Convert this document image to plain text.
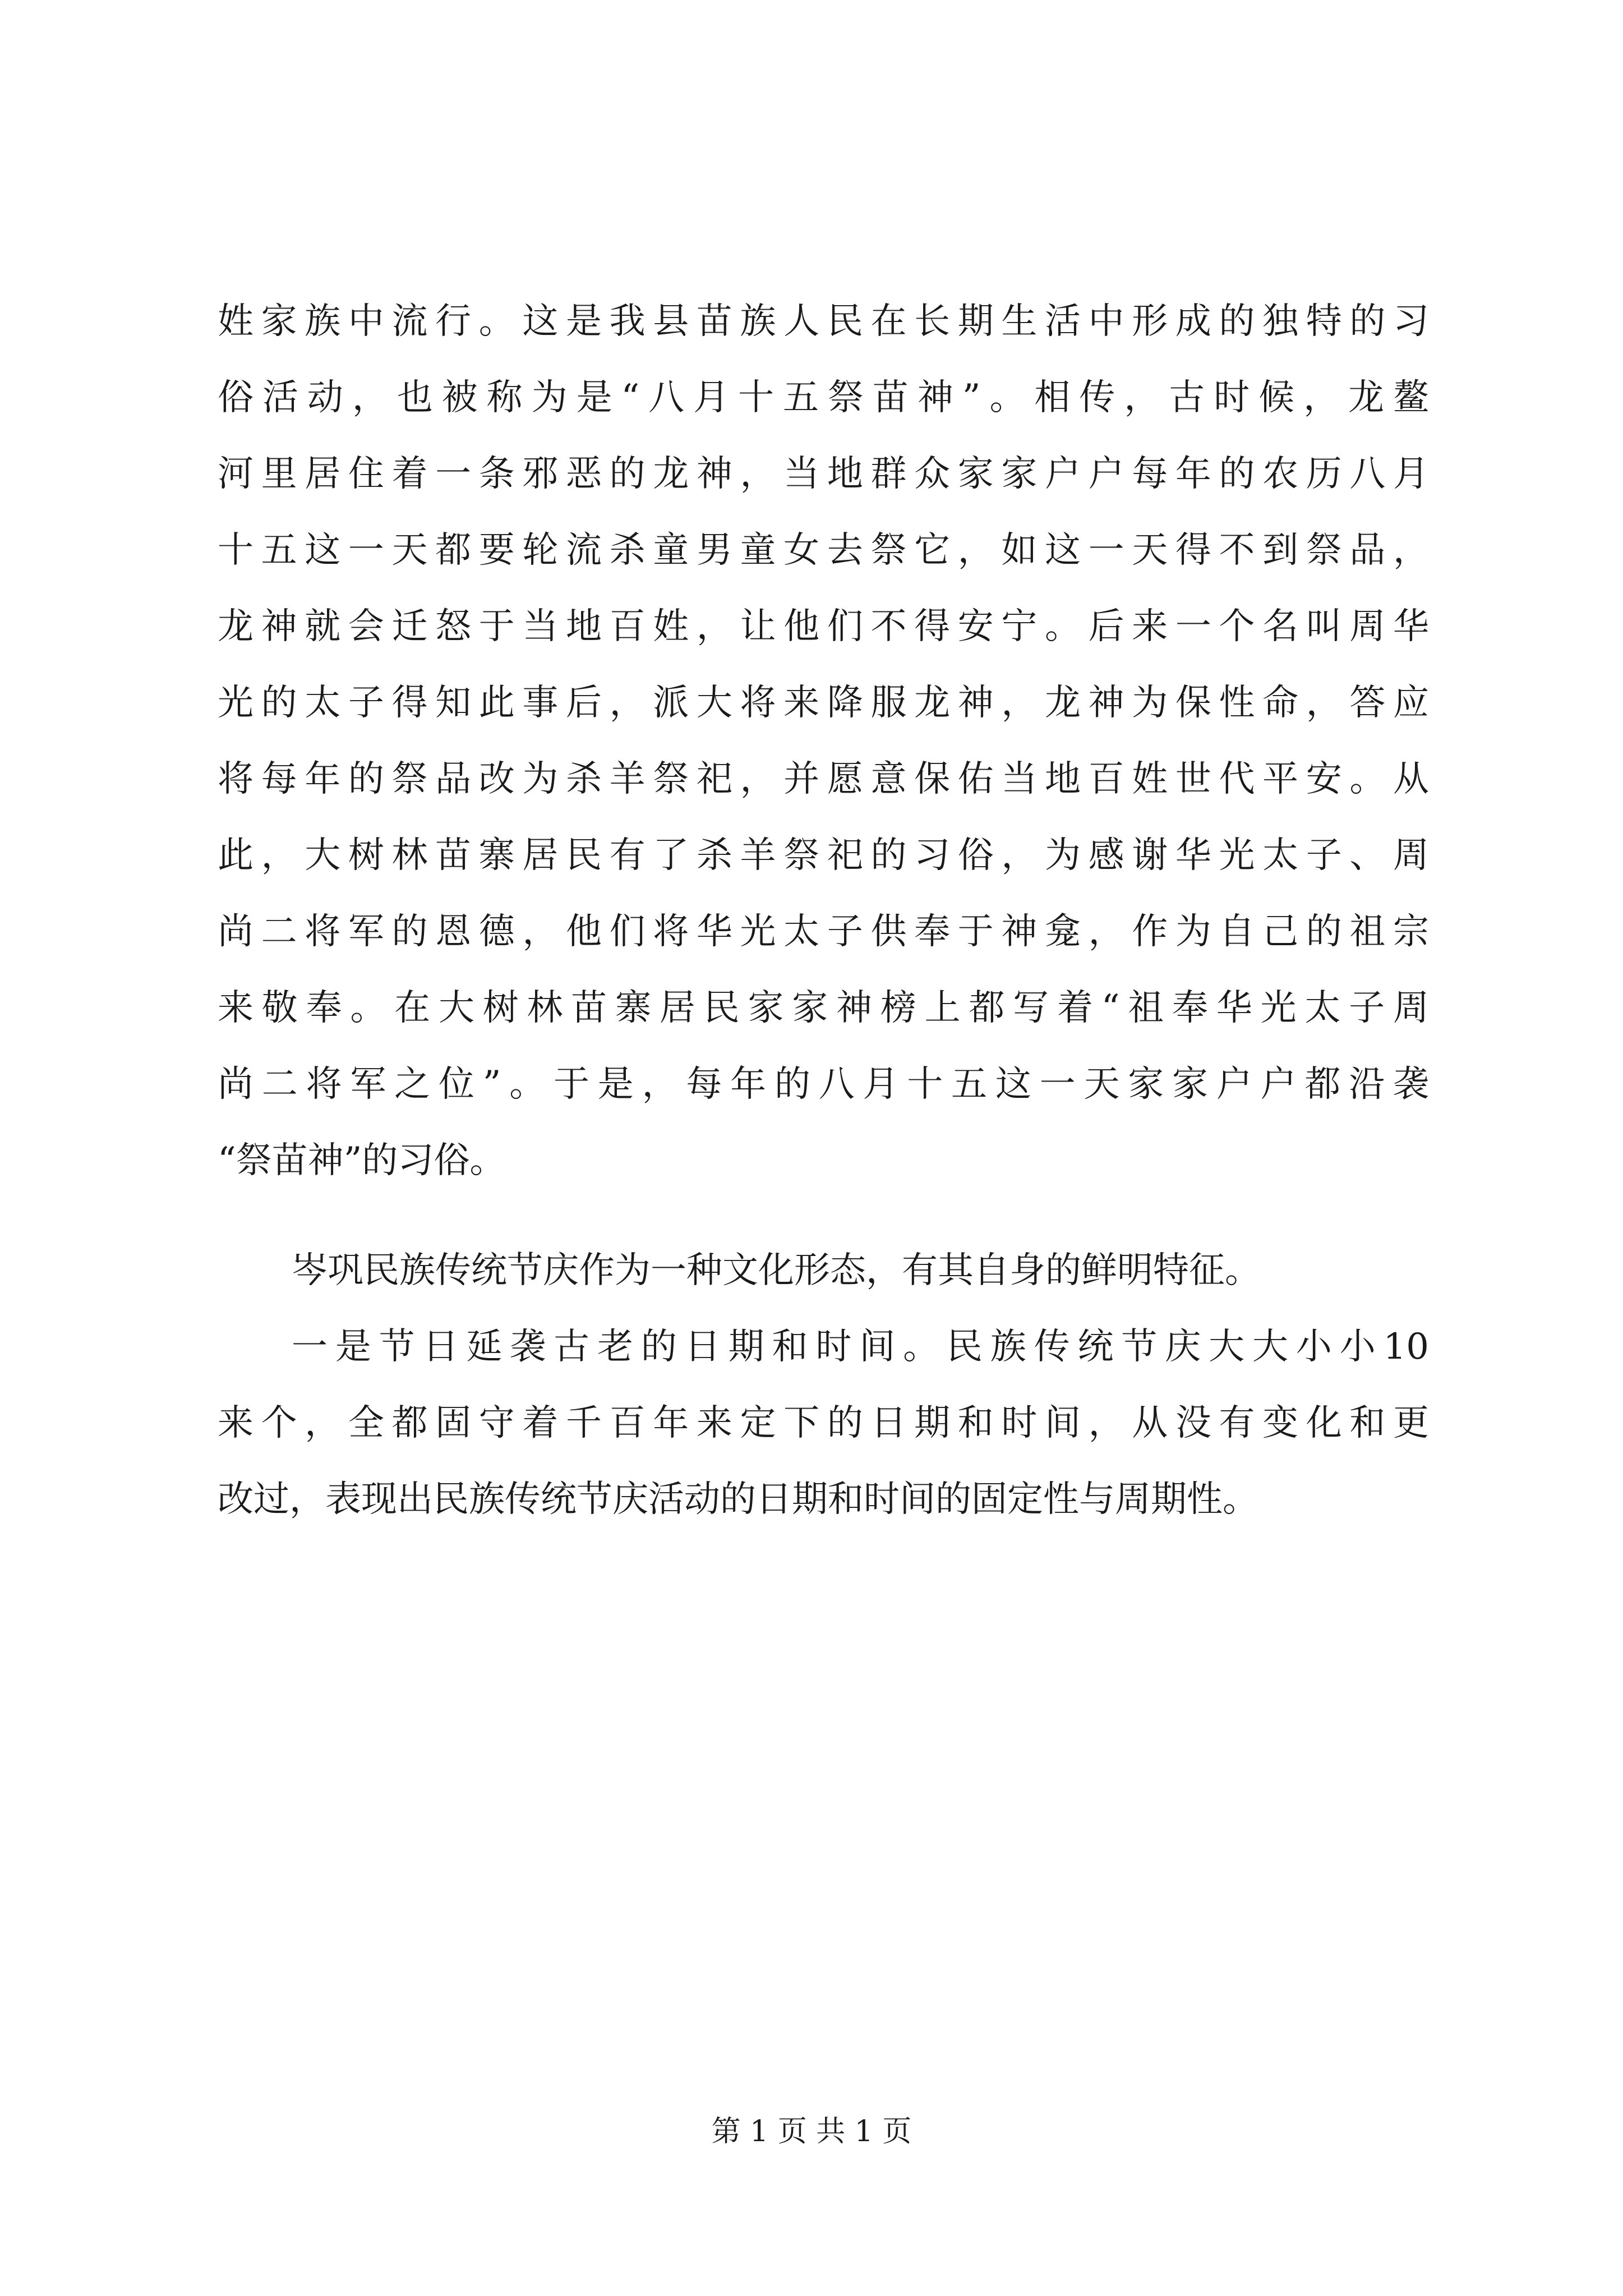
姓家族中流行。这是我县苗族人民在长期生活中形成的独特的习
俗活动，也被称为是“八月十五祭苗神”。相传，古时候，龙鳌
河里居住着一条邪恶的龙神，当地群众家家户户每年的农历八月
十五这一天都要轮流杀童男童女去祭它，如这一天得不到祭品，
龙神就会迁怒于当地百姓，让他们不得安宁。后来一个名叫周华
光的太子得知此事后，派大将来降服龙神，龙神为保性命，答应
将每年的祭品改为杀羊祭祀，并愿意保佑当地百姓世代平安。从
此，大树林苗寨居民有了杀羊祭祀的习俗，为感谢华光太子、周
尚二将军的恩德，他们将华光太子供奉于神龛，作为自己的祖宗
来敬奉。在大树林苗寨居民家家神榜上都写着“祖奉华光太子周
尚二将军之位”。于是，每年的八月十五这一天家家户户都沿袭
“祭苗神”的习俗。
岑巩民族传统节庆作为一种文化形态，有其自身的鲜明特征。
一是节日延袭古老的日期和时间。民族传统节庆大大小小10
来个，全都固守着千百年来定下的日期和时间，从没有变化和更
改过，表现出民族传统节庆活动的日期和时间的固定性与周期性。
第 1 页 共 1 页
